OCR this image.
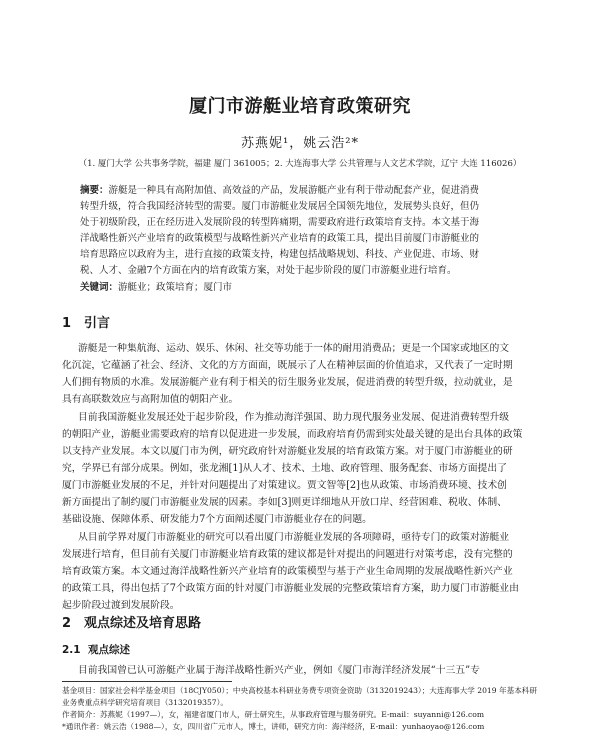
厦门市游艇业培育政策研究
苏燕妮¹，姚云浩²*
（1. 厦门大学 公共事务学院，福建 厦门 361005；2. 大连海事大学 公共管理与人文艺术学院，辽宁 大连 116026）
摘要：游艇是一种具有高附加值、高效益的产品，发展游艇产业有利于带动配套产业，促进消费
转型升级，符合我国经济转型的需要。厦门市游艇业发展居全国领先地位，发展势头良好，但仍
处于初级阶段，正在经历进入发展阶段的转型阵痛期，需要政府进行政策培育支持。本文基于海
洋战略性新兴产业培育的政策模型与战略性新兴产业培育的政策工具，提出目前厦门市游艇业的
培育思路应以政府为主，进行直接的政策支持，构建包括战略规划、科技、产业促进、市场、财
税、人才、金融7个方面在内的培育政策方案，对处于起步阶段的厦门市游艇业进行培育。
关键词：游艇业；政策培育；厦门市
1 引言
游艇是一种集航海、运动、娱乐、休闲、社交等功能于一体的耐用消费品；更是一个国家或地区的文
化沉淀，它蕴涵了社会、经济、文化的方方面面，既展示了人在精神层面的价值追求，又代表了一定时期
人们拥有物质的水准。发展游艇产业有利于相关的衍生服务业发展，促进消费的转型升级，拉动就业，是
具有高联数效应与高附加值的朝阳产业。
目前我国游艇业发展还处于起步阶段，作为推动海洋强国、助力现代服务业发展、促进消费转型升级
的朝阳产业，游艇业需要政府的培育以促进进一步发展，而政府培育仍需到实处最关键的是出台具体的政策
以支持产业发展。本文以厦门市为例，研究政府针对游艇业发展的培育政策方案。对于厦门市游艇业的研
究，学界已有部分成果。例如，张龙湘[1]从人才、技术、土地、政府管理、服务配套、市场方面提出了
厦门市游艇业发展的不足，并针对问题提出了对策建议。贾文智等[2]也从政策、市场消费环境、技术创
新方面提出了制约厦门市游艇业发展的因素。李如[3]则更详细地从开放口岸、经营困难、税收、体制、
基础设施、保障体系、研发能力7个方面阐述厦门市游艇业存在的问题。
从目前学界对厦门市游艇业的研究可以看出厦门市游艇业发展的各项障碍，亟待专门的政策对游艇业
发展进行培育，但目前有关厦门市游艇业培育政策的建议都是针对提出的问题进行对策考虑，没有完整的
培育政策方案。本文通过海洋战略性新兴产业培育的政策模型与基于产业生命周期的发展战略性新兴产业
的政策工具，得出包括了7个政策方面的针对厦门市游艇业发展的完整政策培育方案，助力厦门市游艇业由
起步阶段过渡到发展阶段。
2 观点综述及培育思路
2.1 观点综述
目前我国曾已认可游艇产业属于海洋战略性新兴产业，例如《厦门市海洋经济发展“十三五”专
基金项目：国家社会科学基金项目（18CJY050）；中央高校基本科研业务费专项资金资助（3132019243）；大连海事大学 2019 年基本科研
业务费重点科学研究培育项目（3132019357）。
作者简介：苏燕妮（1997—），女，福建省厦门市人，研士研究生，从事政府管理与服务研究。E-mail：suyanni@126.com
*通讯作者：姚云浩（1988—），女，四川省广元市人，博士，讲师，研究方向：海洋经济，E-mail：yunhaoyao@126.com
